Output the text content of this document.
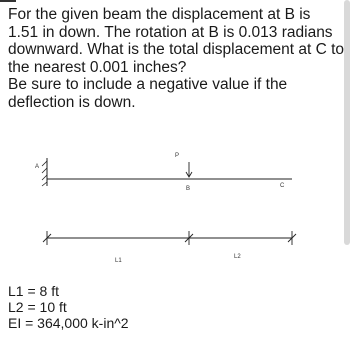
For the given beam the displacement at B is 1.51 in down. The rotation at B is 0.013 radians downward. What is the total displacement at C to the nearest 0.001 inches?

Be sure to include a negative value if the deflection is down.

A
P
B	C
L1
L2

L1 = 8 ft

L2 = 10 ft

EI = 364,000 k-in^2
